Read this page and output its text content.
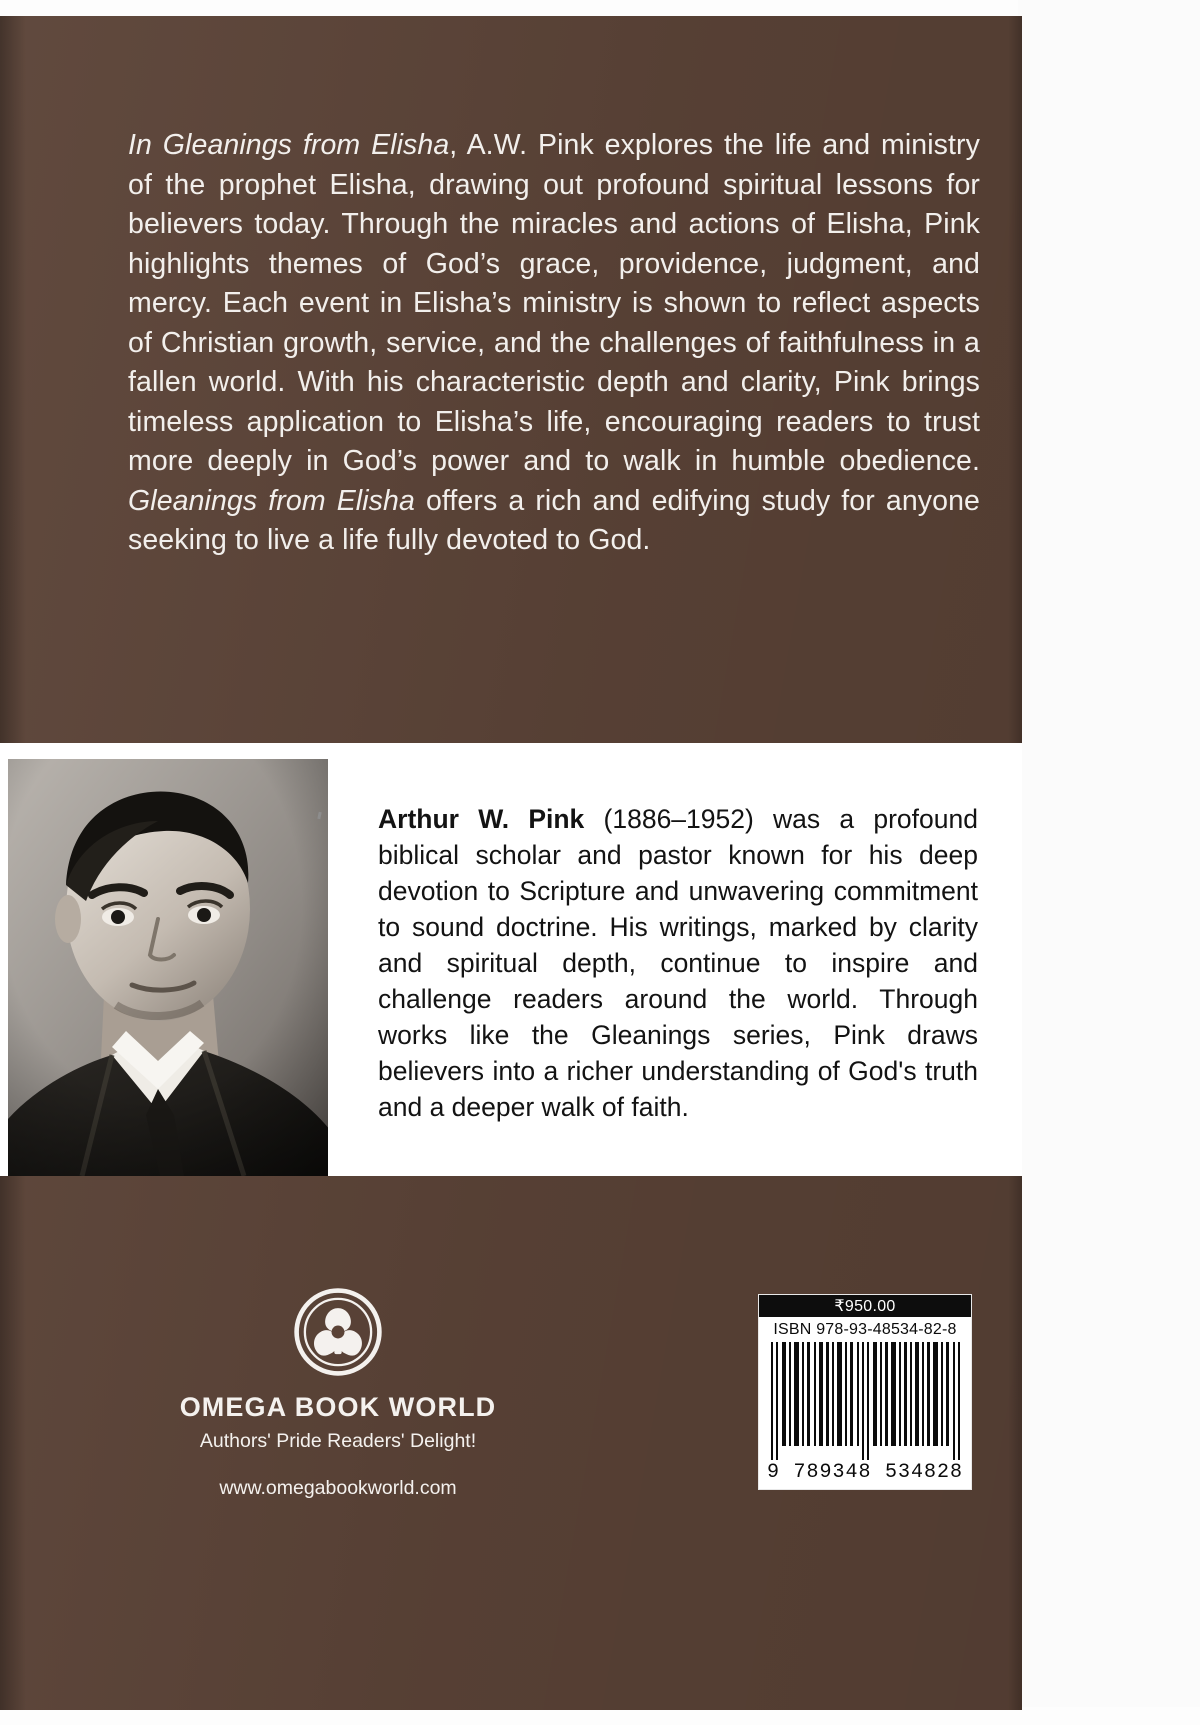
In Gleanings from Elisha, A.W. Pink explores the life and ministry of the prophet Elisha, drawing out profound spiritual lessons for believers today. Through the miracles and actions of Elisha, Pink highlights themes of God’s grace, providence, judgment, and mercy. Each event in Elisha’s ministry is shown to reflect aspects of Christian growth, service, and the challenges of faithfulness in a fallen world. With his characteristic depth and clarity, Pink brings timeless application to Elisha’s life, encouraging readers to trust more deeply in God’s power and to walk in humble obedience. Gleanings from Elisha offers a rich and edifying study for anyone seeking to live a life fully devoted to God.
Arthur W. Pink (1886–1952) was a profound biblical scholar and pastor known for his deep devotion to Scripture and unwavering commitment to sound doctrine. His writings, marked by clarity and spiritual depth, continue to inspire and challenge readers around the world. Through works like the Gleanings series, Pink draws believers into a richer understanding of God's truth and a deeper walk of faith.
OMEGA BOOK WORLD
Authors' Pride Readers' Delight!
www.omegabookworld.com
₹950.00
ISBN 978-93-48534-82-8
9 789348 534828
